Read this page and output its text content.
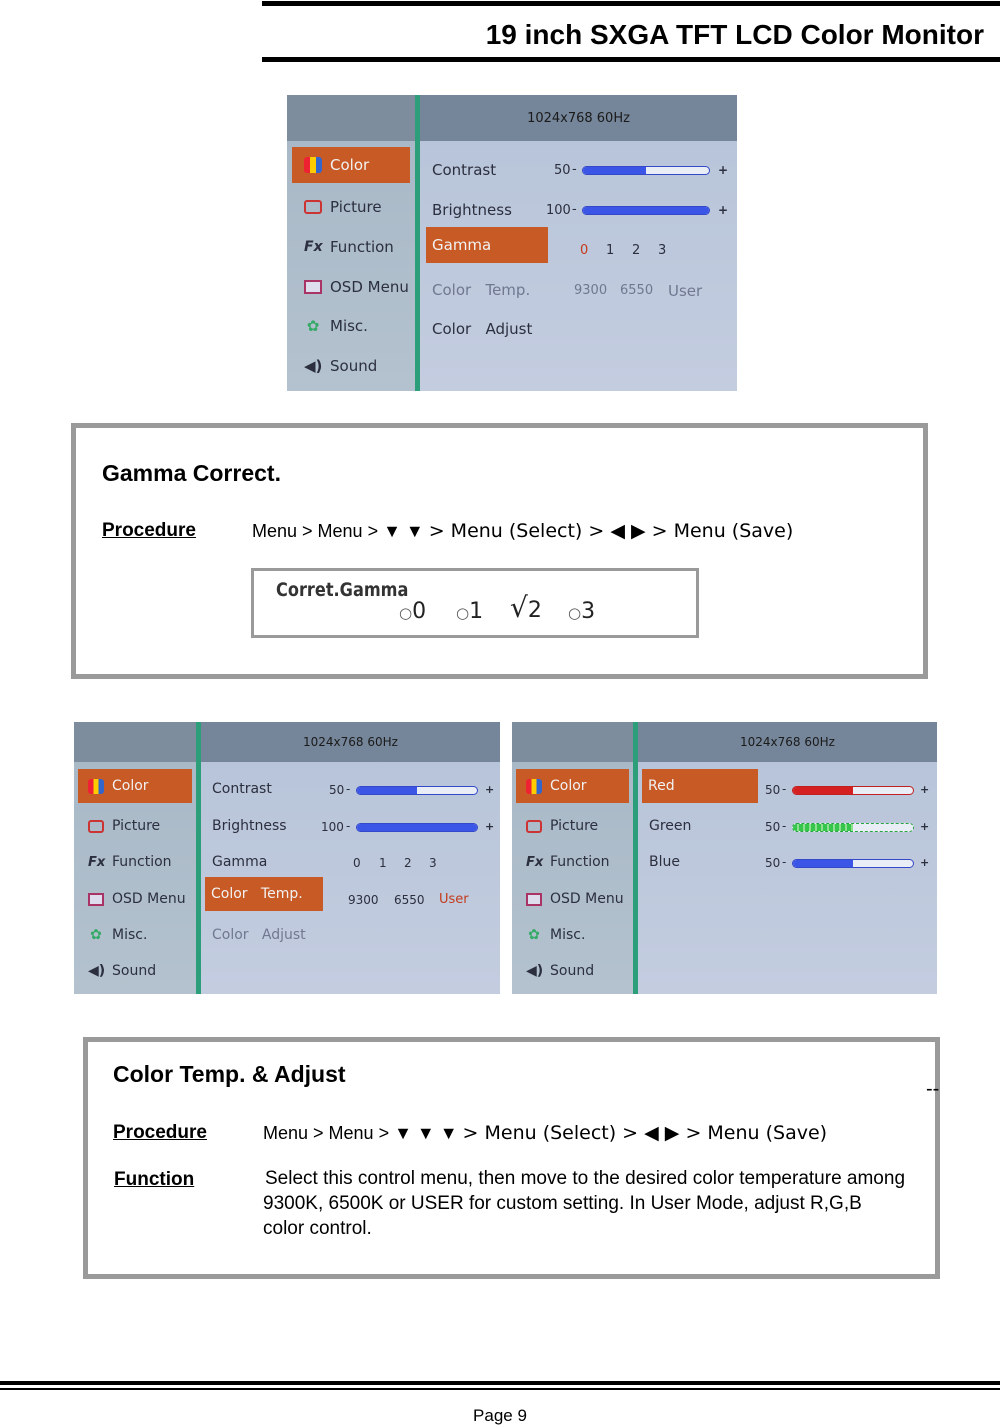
19 inch SXGA TFT LCD Color Monitor
Color
Picture
Fx Function
OSD Menu
✿ Misc.
◀) Sound
1024x768 60Hz
Contrast	50 -	+
Brightness	100 -	+
Gamma	0 1 2 3
Color   Temp.	9300 6550 User
Color   Adjust
Gamma Correct.
Procedure	Menu > Menu > ▼ ▼ > Menu (Select) > ◀ ▶ > Menu (Save)
Corret.Gamma
○0 ○1 √2 ○3
Color
Picture
Fx Function
OSD Menu
✿ Misc.
◀) Sound
1024x768 60Hz
Contrast	50 -	+
Brightness	100 -	+
Gamma	0 1 2 3
Color   Temp.	9300 6550 User
Color   Adjust
Color
Picture
Fx Function
OSD Menu
✿ Misc.
◀) Sound
1024x768 60Hz
Red	50 -	+
Green	50 -	+
Blue	50 -	+
Color Temp. & Adjust
Procedure	Menu > Menu > ▼ ▼ ▼ > Menu (Select) > ◀ ▶ > Menu (Save)
Function	Select this control menu, then move to the desired color temperature among 9300K, 6500K or USER for custom setting. In User Mode, adjust R,G,B color control.
--
Page 9
